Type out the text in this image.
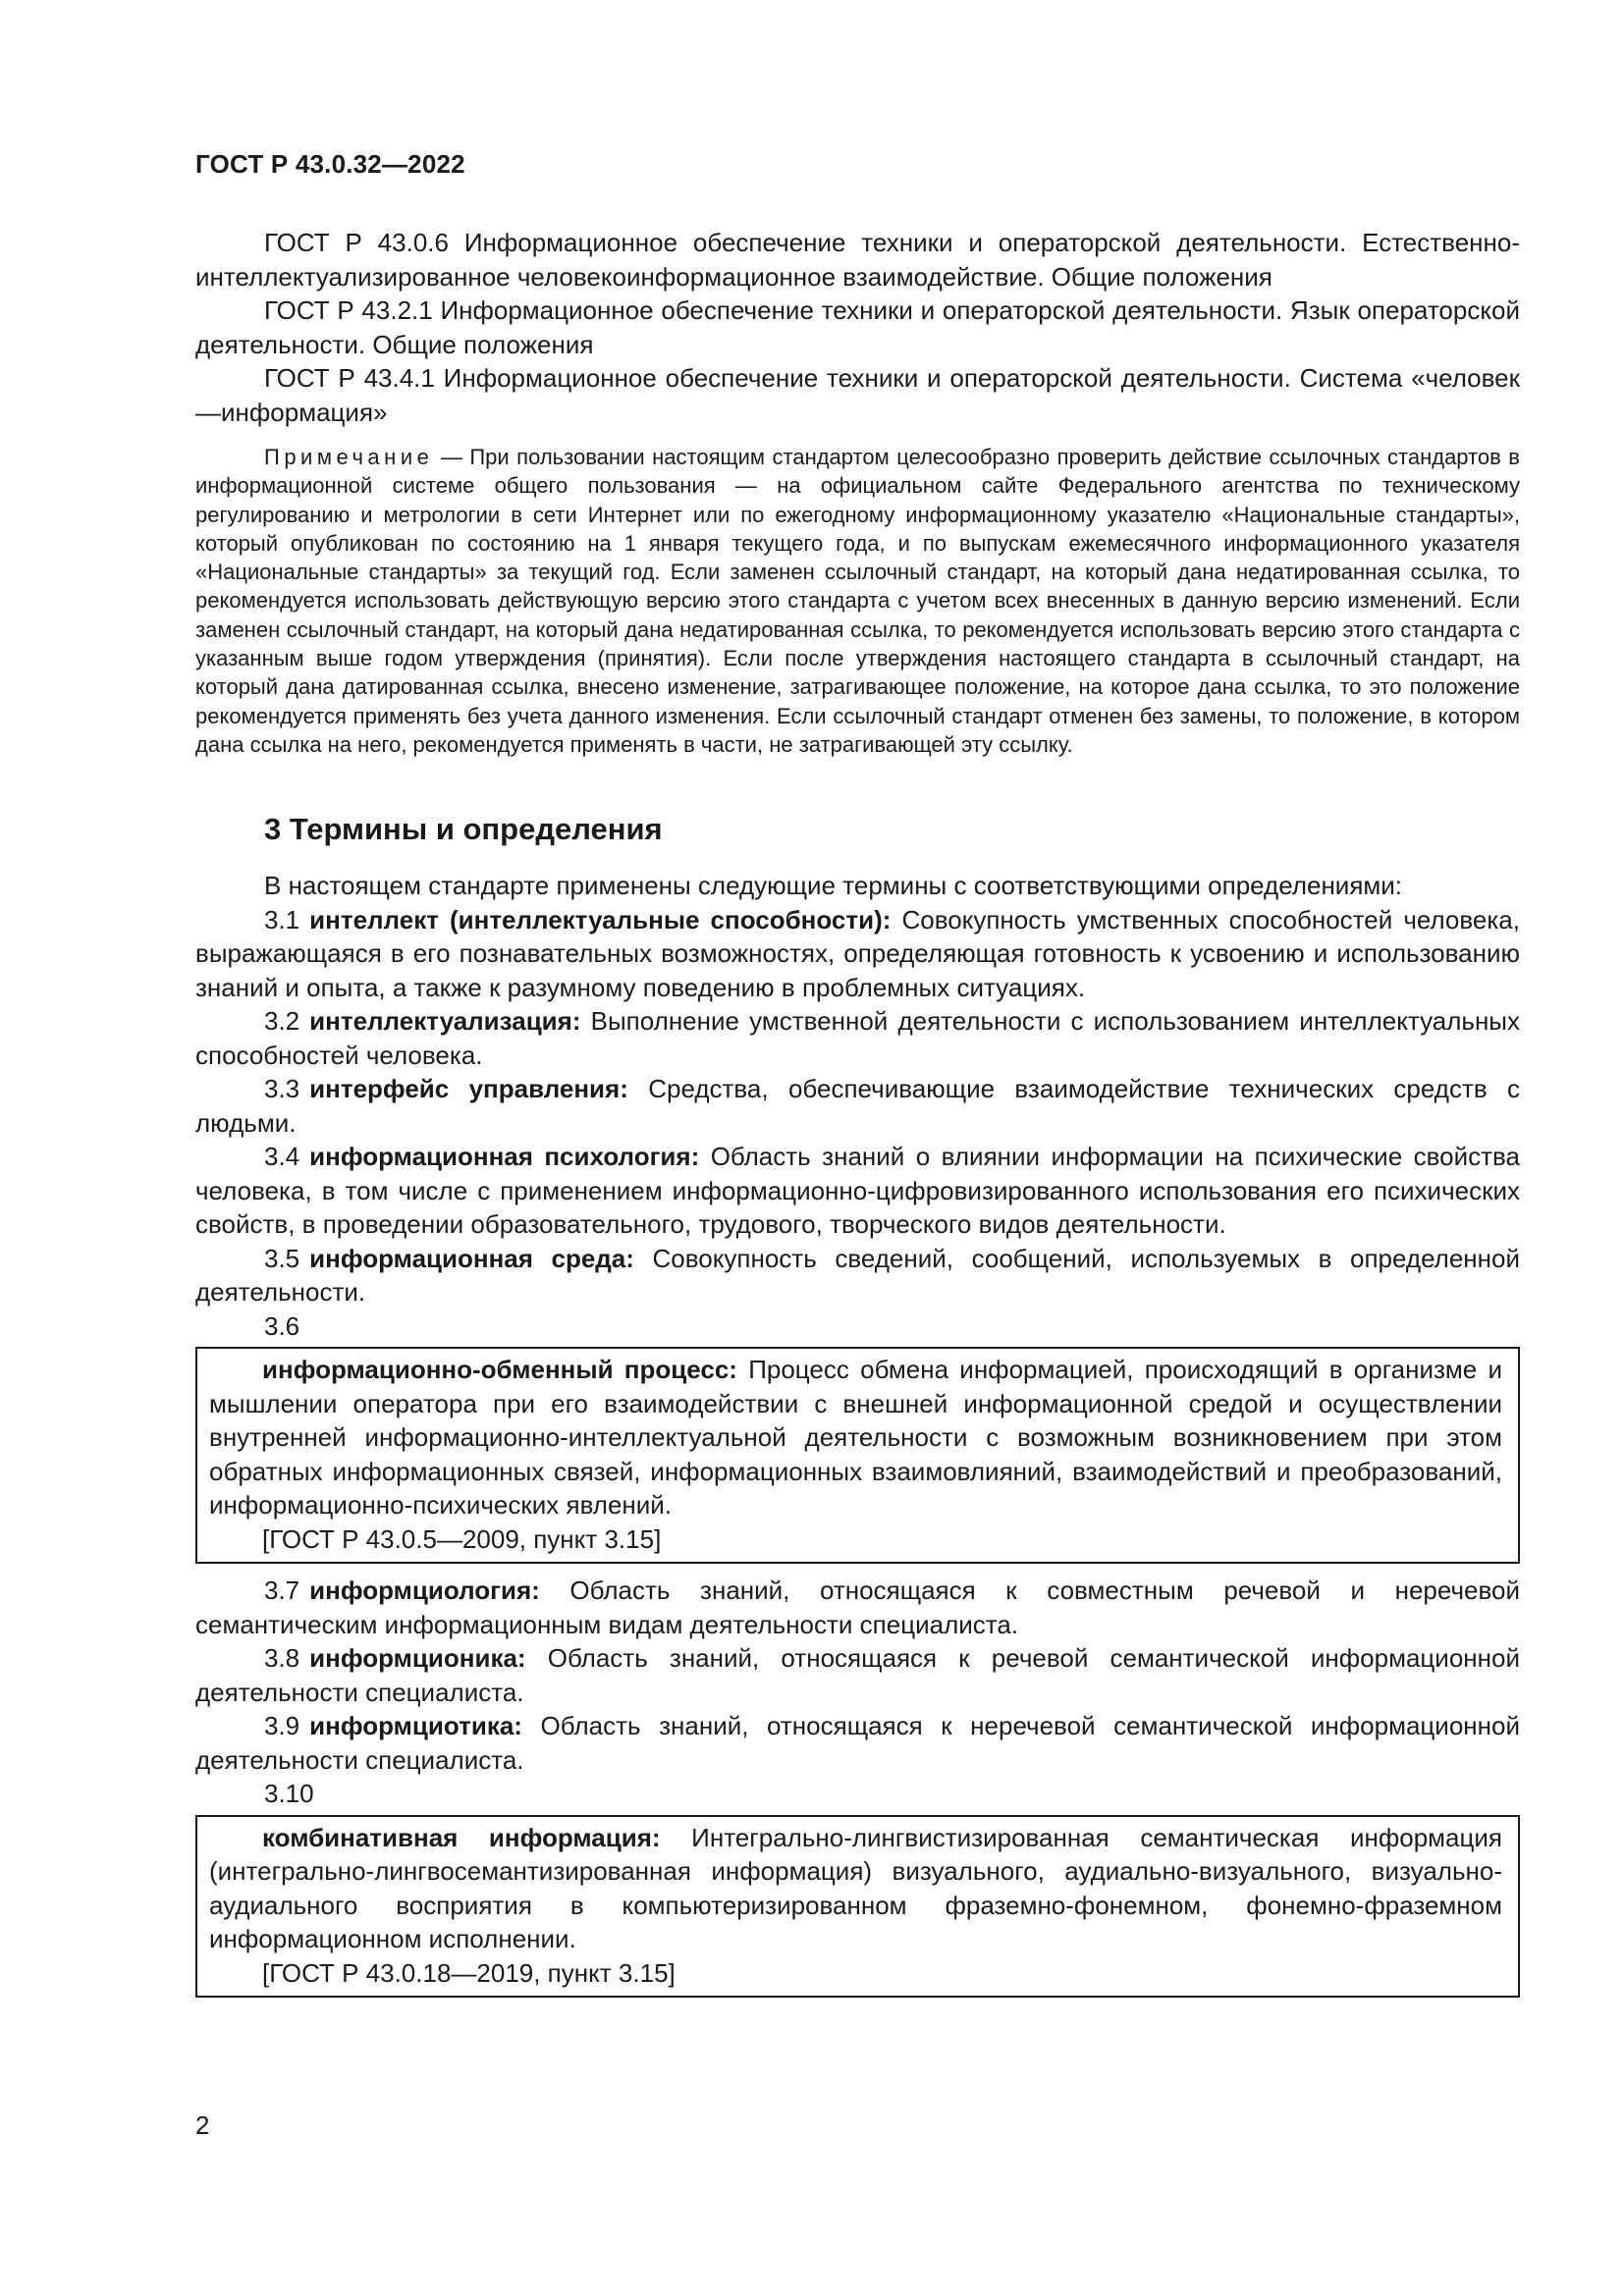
ГОСТ Р 43.0.32—2022

ГОСТ Р 43.0.6 Информационное обеспечение техники и операторской деятельности. Естественно-интеллектуализированное человекоинформационное взаимодействие. Общие положения

ГОСТ Р 43.2.1 Информационное обеспечение техники и операторской деятельности. Язык операторской деятельности. Общие положения

ГОСТ Р 43.4.1 Информационное обеспечение техники и операторской деятельности. Система «человек—информация»

Примечание — При пользовании настоящим стандартом целесообразно проверить действие ссылочных стандартов в информационной системе общего пользования — на официальном сайте Федерального агентства по техническому регулированию и метрологии в сети Интернет или по ежегодному информационному указателю «Национальные стандарты», который опубликован по состоянию на 1 января текущего года, и по выпускам ежемесячного информационного указателя «Национальные стандарты» за текущий год. Если заменен ссылочный стандарт, на который дана недатированная ссылка, то рекомендуется использовать действующую версию этого стандарта с учетом всех внесенных в данную версию изменений. Если заменен ссылочный стандарт, на который дана недатированная ссылка, то рекомендуется использовать версию этого стандарта с указанным выше годом утверждения (принятия). Если после утверждения настоящего стандарта в ссылочный стандарт, на который дана датированная ссылка, внесено изменение, затрагивающее положение, на которое дана ссылка, то это положение рекомендуется применять без учета данного изменения. Если ссылочный стандарт отменен без замены, то положение, в котором дана ссылка на него, рекомендуется применять в части, не затрагивающей эту ссылку.

3 Термины и определения

В настоящем стандарте применены следующие термины с соответствующими определениями:

3.1 интеллект (интеллектуальные способности): Совокупность умственных способностей человека, выражающаяся в его познавательных возможностях, определяющая готовность к усвоению и использованию знаний и опыта, а также к разумному поведению в проблемных ситуациях.

3.2 интеллектуализация: Выполнение умственной деятельности с использованием интеллектуальных способностей человека.

3.3 интерфейс управления: Средства, обеспечивающие взаимодействие технических средств с людьми.

3.4 информационная психология: Область знаний о влиянии информации на психические свойства человека, в том числе с применением информационно-цифровизированного использования его психических свойств, в проведении образовательного, трудового, творческого видов деятельности.

3.5 информационная среда: Совокупность сведений, сообщений, используемых в определенной деятельности.

3.6

информационно-обменный процесс: Процесс обмена информацией, происходящий в организме и мышлении оператора при его взаимодействии с внешней информационной средой и осуществлении внутренней информационно-интеллектуальной деятельности с возможным возникновением при этом обратных информационных связей, информационных взаимовлияний, взаимодействий и преобразований, информационно-психических явлений.

[ГОСТ Р 43.0.5—2009, пункт 3.15]

3.7 информциология: Область знаний, относящаяся к совместным речевой и неречевой семантическим информационным видам деятельности специалиста.

3.8 информционика: Область знаний, относящаяся к речевой семантической информационной деятельности специалиста.

3.9 информциотика: Область знаний, относящаяся к неречевой семантической информационной деятельности специалиста.

3.10

комбинативная информация: Интегрально-лингвистизированная семантическая информация (интегрально-лингвосемантизированная информация) визуального, аудиально-визуального, визуально-аудиального восприятия в компьютеризированном фраземно-фонемном, фонемно-фраземном информационном исполнении.

[ГОСТ Р 43.0.18—2019, пункт 3.15]

2
